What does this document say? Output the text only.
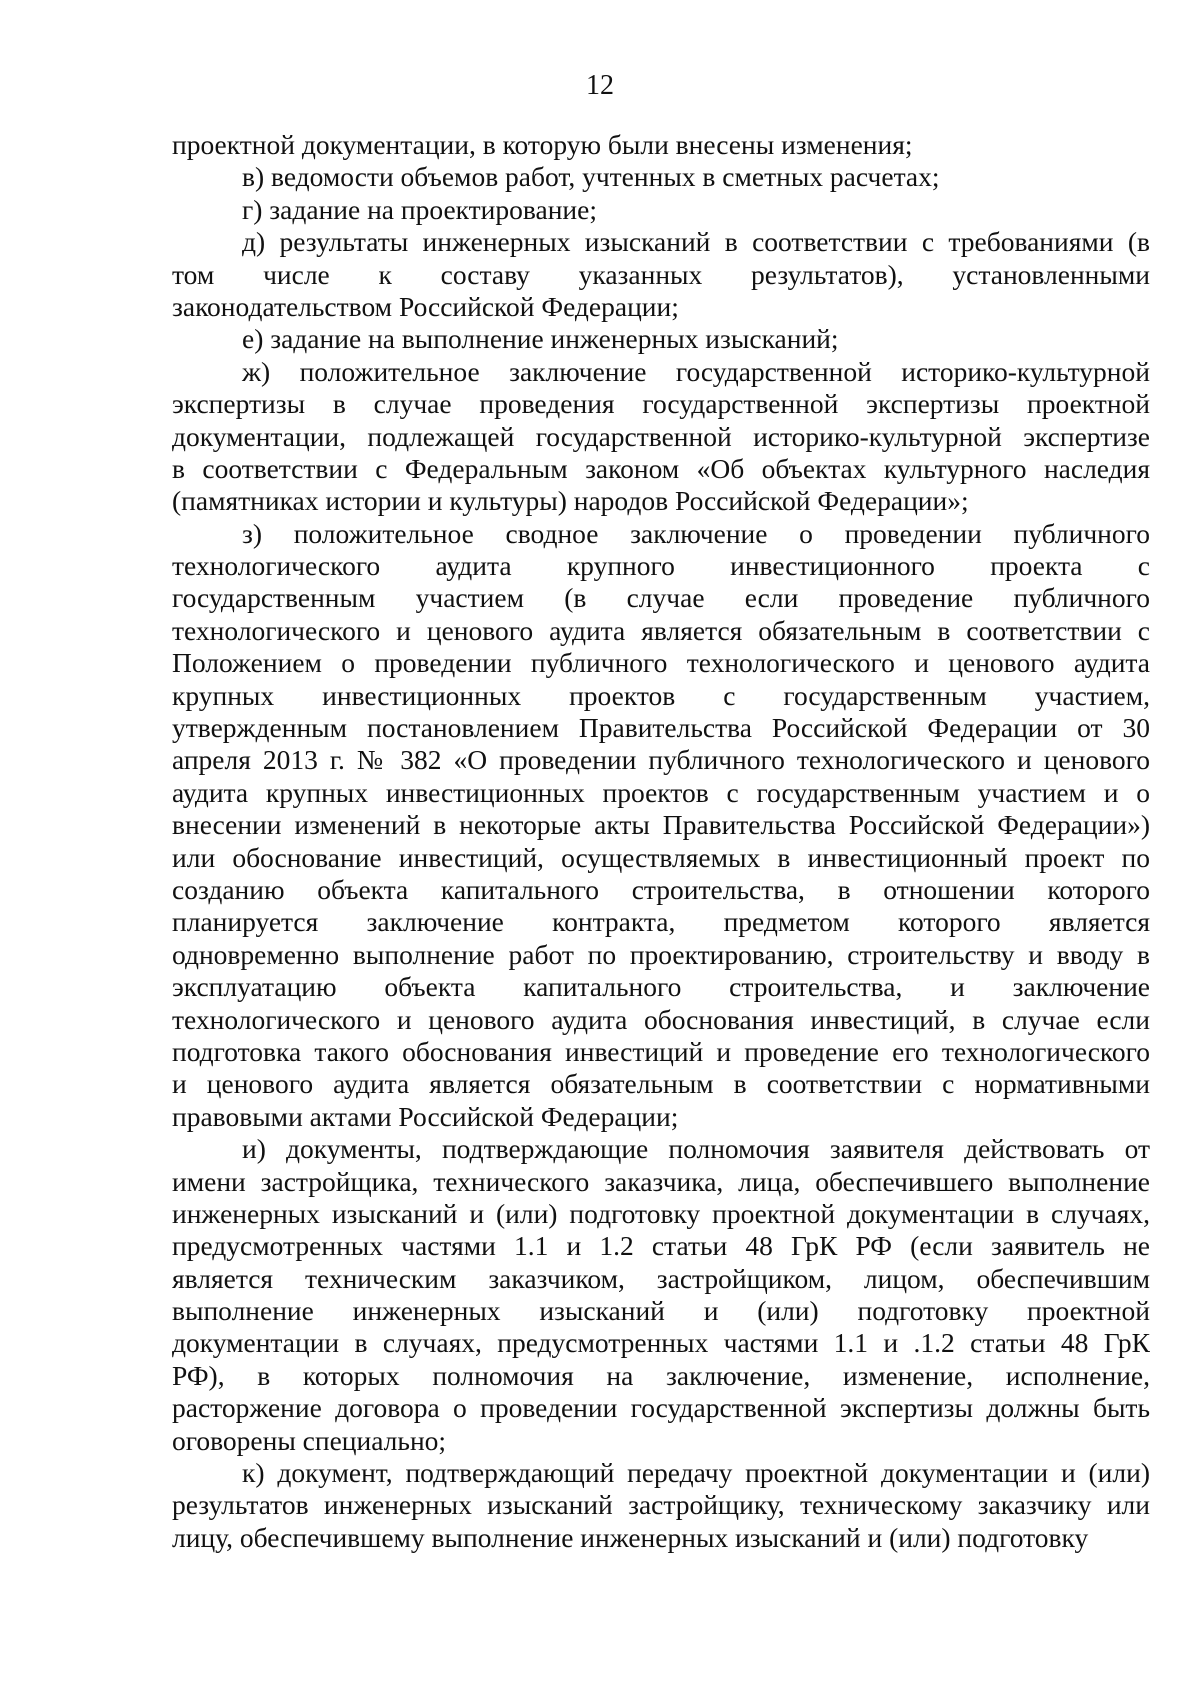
12
проектной документации, в которую были внесены изменения;
в) ведомости объемов работ, учтенных в сметных расчетах;
г) задание на проектирование;
д) результаты инженерных изысканий в соответствии с требованиями (в
том числе к составу указанных результатов), установленными
законодательством Российской Федерации;
е) задание на выполнение инженерных изысканий;
ж) положительное заключение государственной историко-культурной
экспертизы в случае проведения государственной экспертизы проектной
документации, подлежащей государственной историко-культурной экспертизе
в соответствии с Федеральным законом «Об объектах культурного наследия
(памятниках истории и культуры) народов Российской Федерации»;
з) положительное сводное заключение о проведении публичного
технологического аудита крупного инвестиционного проекта с
государственным участием (в случае если проведение публичного
технологического и ценового аудита является обязательным в соответствии с
Положением о проведении публичного технологического и ценового аудита
крупных инвестиционных проектов с государственным участием,
утвержденным постановлением Правительства Российской Федерации от 30
апреля 2013 г. № 382 «О проведении публичного технологического и ценового
аудита крупных инвестиционных проектов с государственным участием и о
внесении изменений в некоторые акты Правительства Российской Федерации»)
или обоснование инвестиций, осуществляемых в инвестиционный проект по
созданию объекта капитального строительства, в отношении которого
планируется заключение контракта, предметом которого является
одновременно выполнение работ по проектированию, строительству и вводу в
эксплуатацию объекта капитального строительства, и заключение
технологического и ценового аудита обоснования инвестиций, в случае если
подготовка такого обоснования инвестиций и проведение его технологического
и ценового аудита является обязательным в соответствии с нормативными
правовыми актами Российской Федерации;
и) документы, подтверждающие полномочия заявителя действовать от
имени застройщика, технического заказчика, лица, обеспечившего выполнение
инженерных изысканий и (или) подготовку проектной документации в случаях,
предусмотренных частями 1.1 и 1.2 статьи 48 ГрК РФ (если заявитель не
является техническим заказчиком, застройщиком, лицом, обеспечившим
выполнение инженерных изысканий и (или) подготовку проектной
документации в случаях, предусмотренных частями 1.1 и .1.2 статьи 48 ГрК
РФ), в которых полномочия на заключение, изменение, исполнение,
расторжение договора о проведении государственной экспертизы должны быть
оговорены специально;
к) документ, подтверждающий передачу проектной документации и (или)
результатов инженерных изысканий застройщику, техническому заказчику или
лицу, обеспечившему выполнение инженерных изысканий и (или) подготовку
